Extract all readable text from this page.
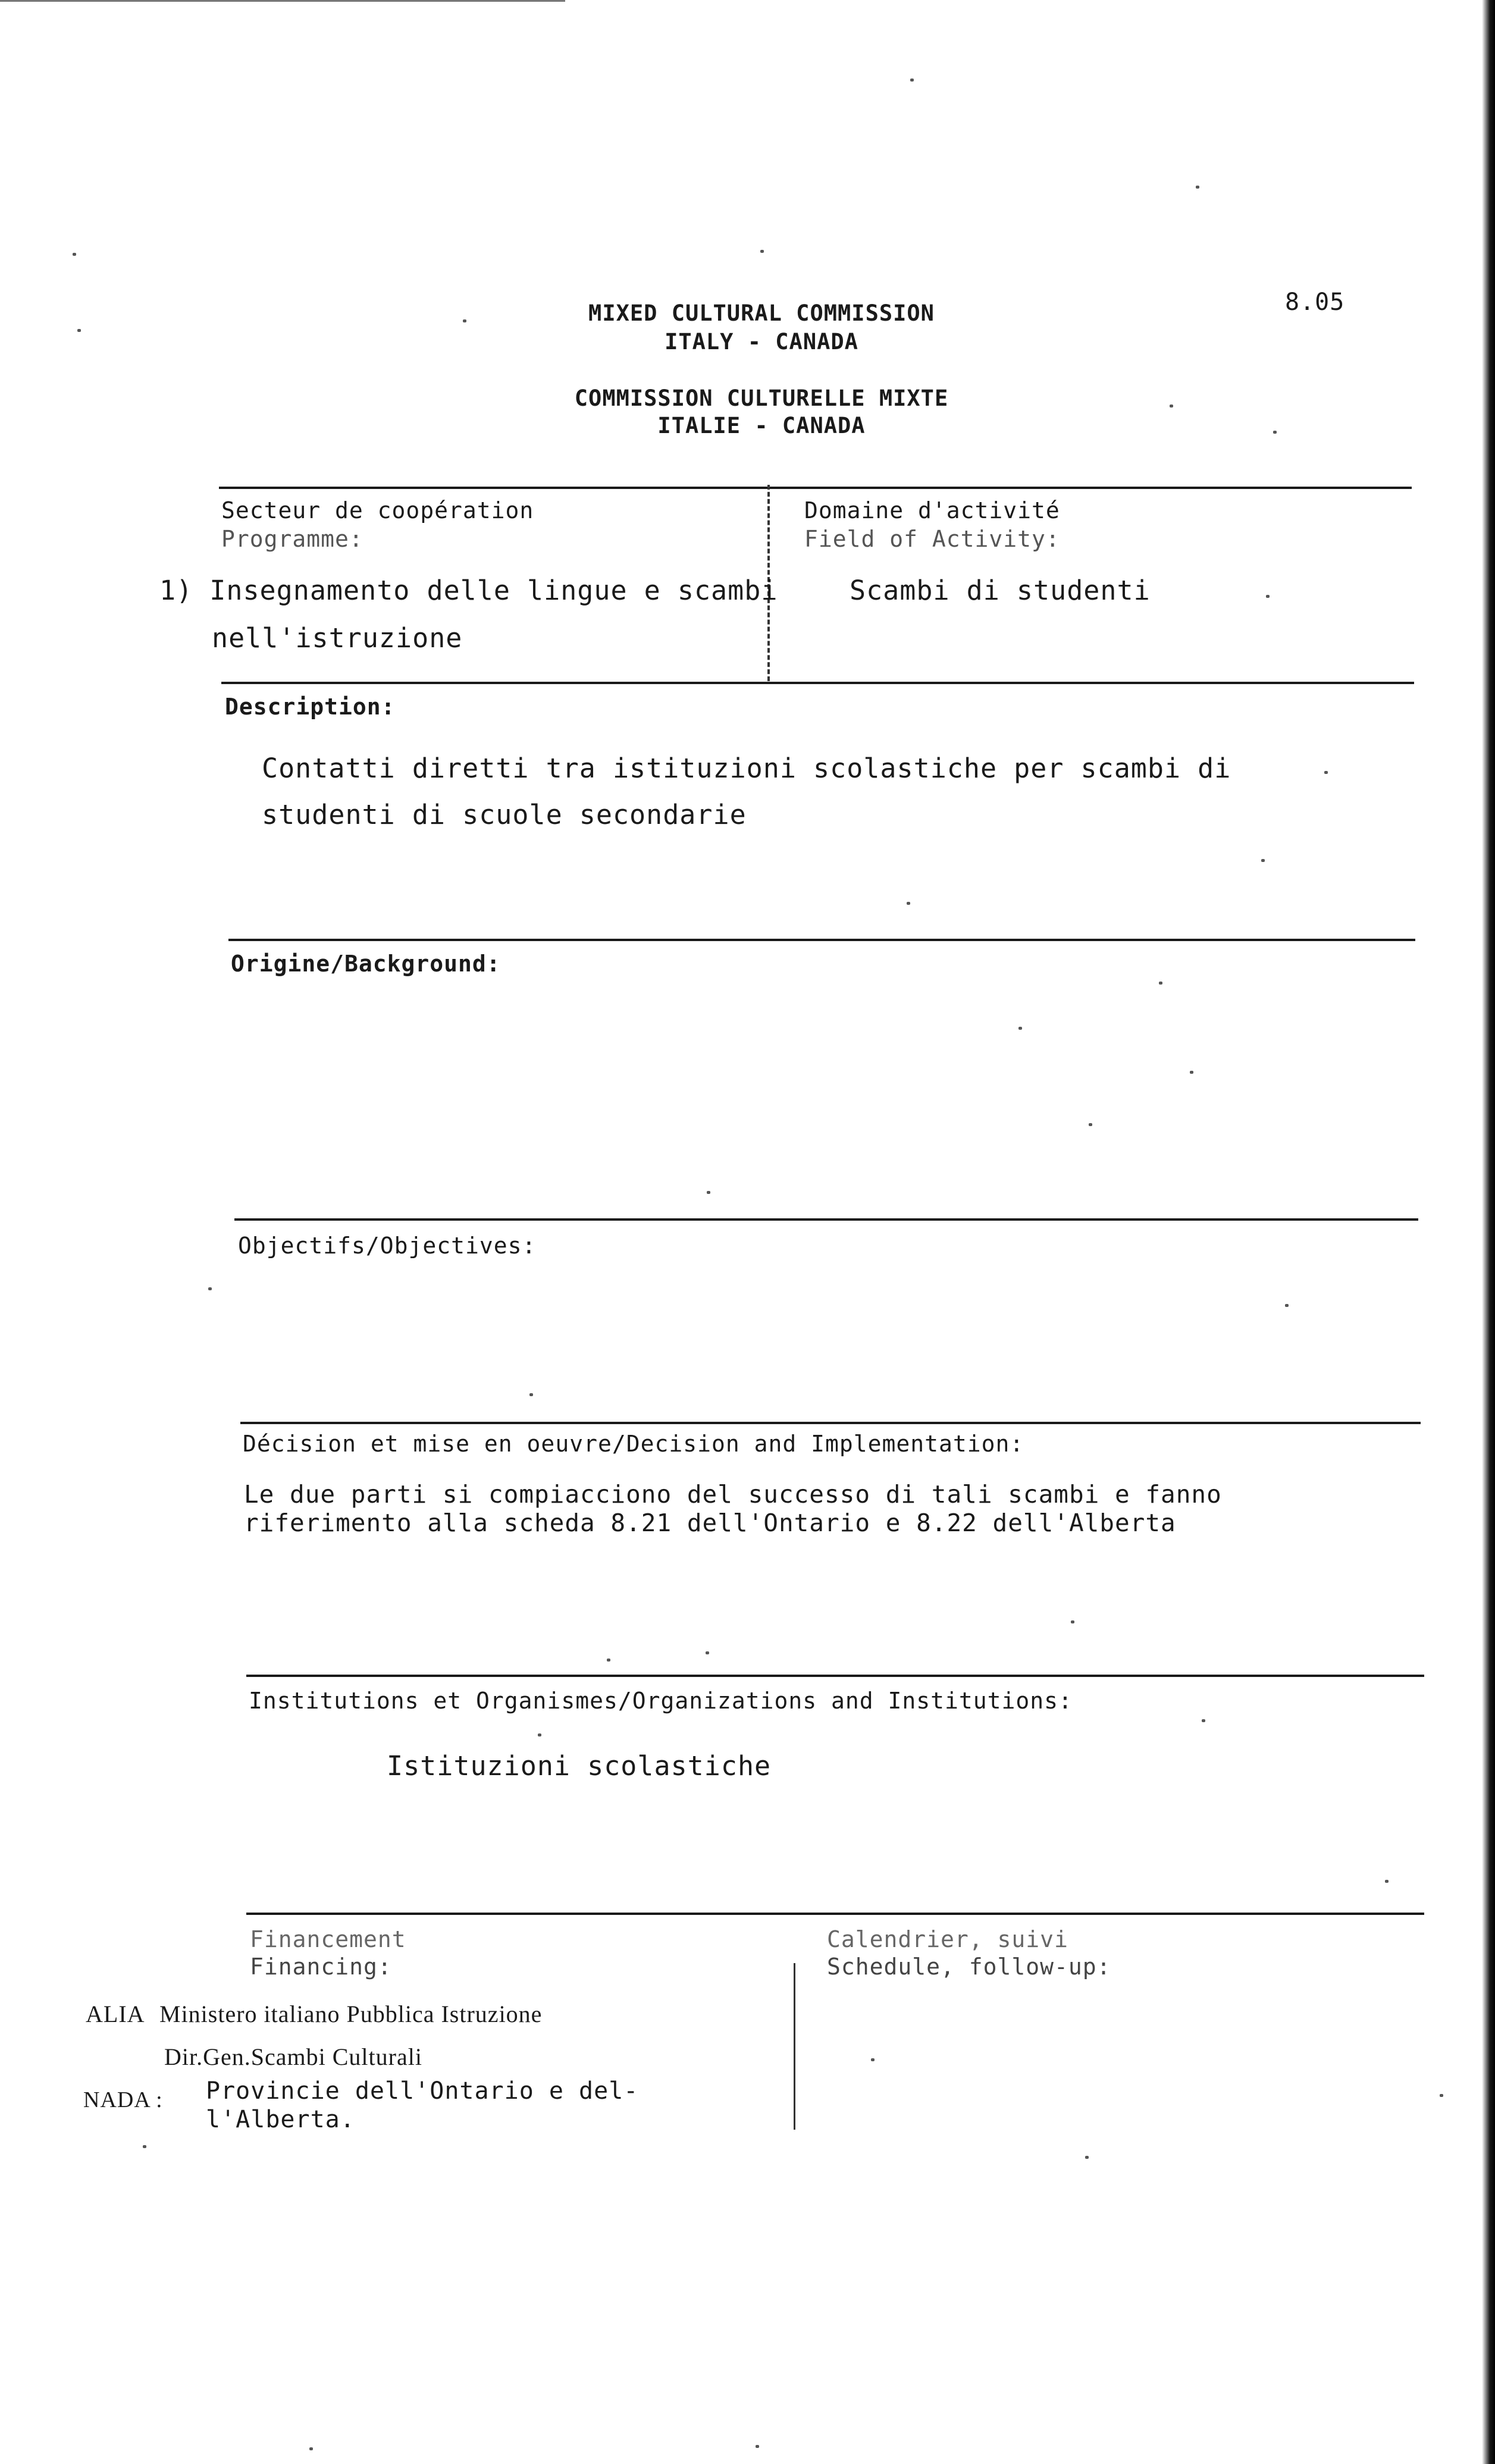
8.05
MIXED CULTURAL COMMISSION
ITALY - CANADA
COMMISSION CULTURELLE MIXTE
ITALIE - CANADA
Secteur de coopération
Programme:
Domaine d'activité
Field of Activity:
1) Insegnamento delle lingue e scambi
nell'istruzione
Scambi di studenti
Description:
Contatti diretti tra istituzioni scolastiche per scambi di
studenti di scuole secondarie
Origine/Background:
Objectifs/Objectives:
Décision et mise en oeuvre/Decision and Implementation:
Le due parti si compiacciono del successo di tali scambi e fanno
riferimento alla scheda 8.21 dell'Ontario e 8.22 dell'Alberta
Institutions et Organismes/Organizations and Institutions:
Istituzioni scolastiche
Financement
Financing:
Calendrier, suivi
Schedule, follow-up:
ALIA Ministero italiano Pubblica Istruzione
Dir.Gen.Scambi Culturali
NADA : Provincie dell'Ontario e del-
l'Alberta.
